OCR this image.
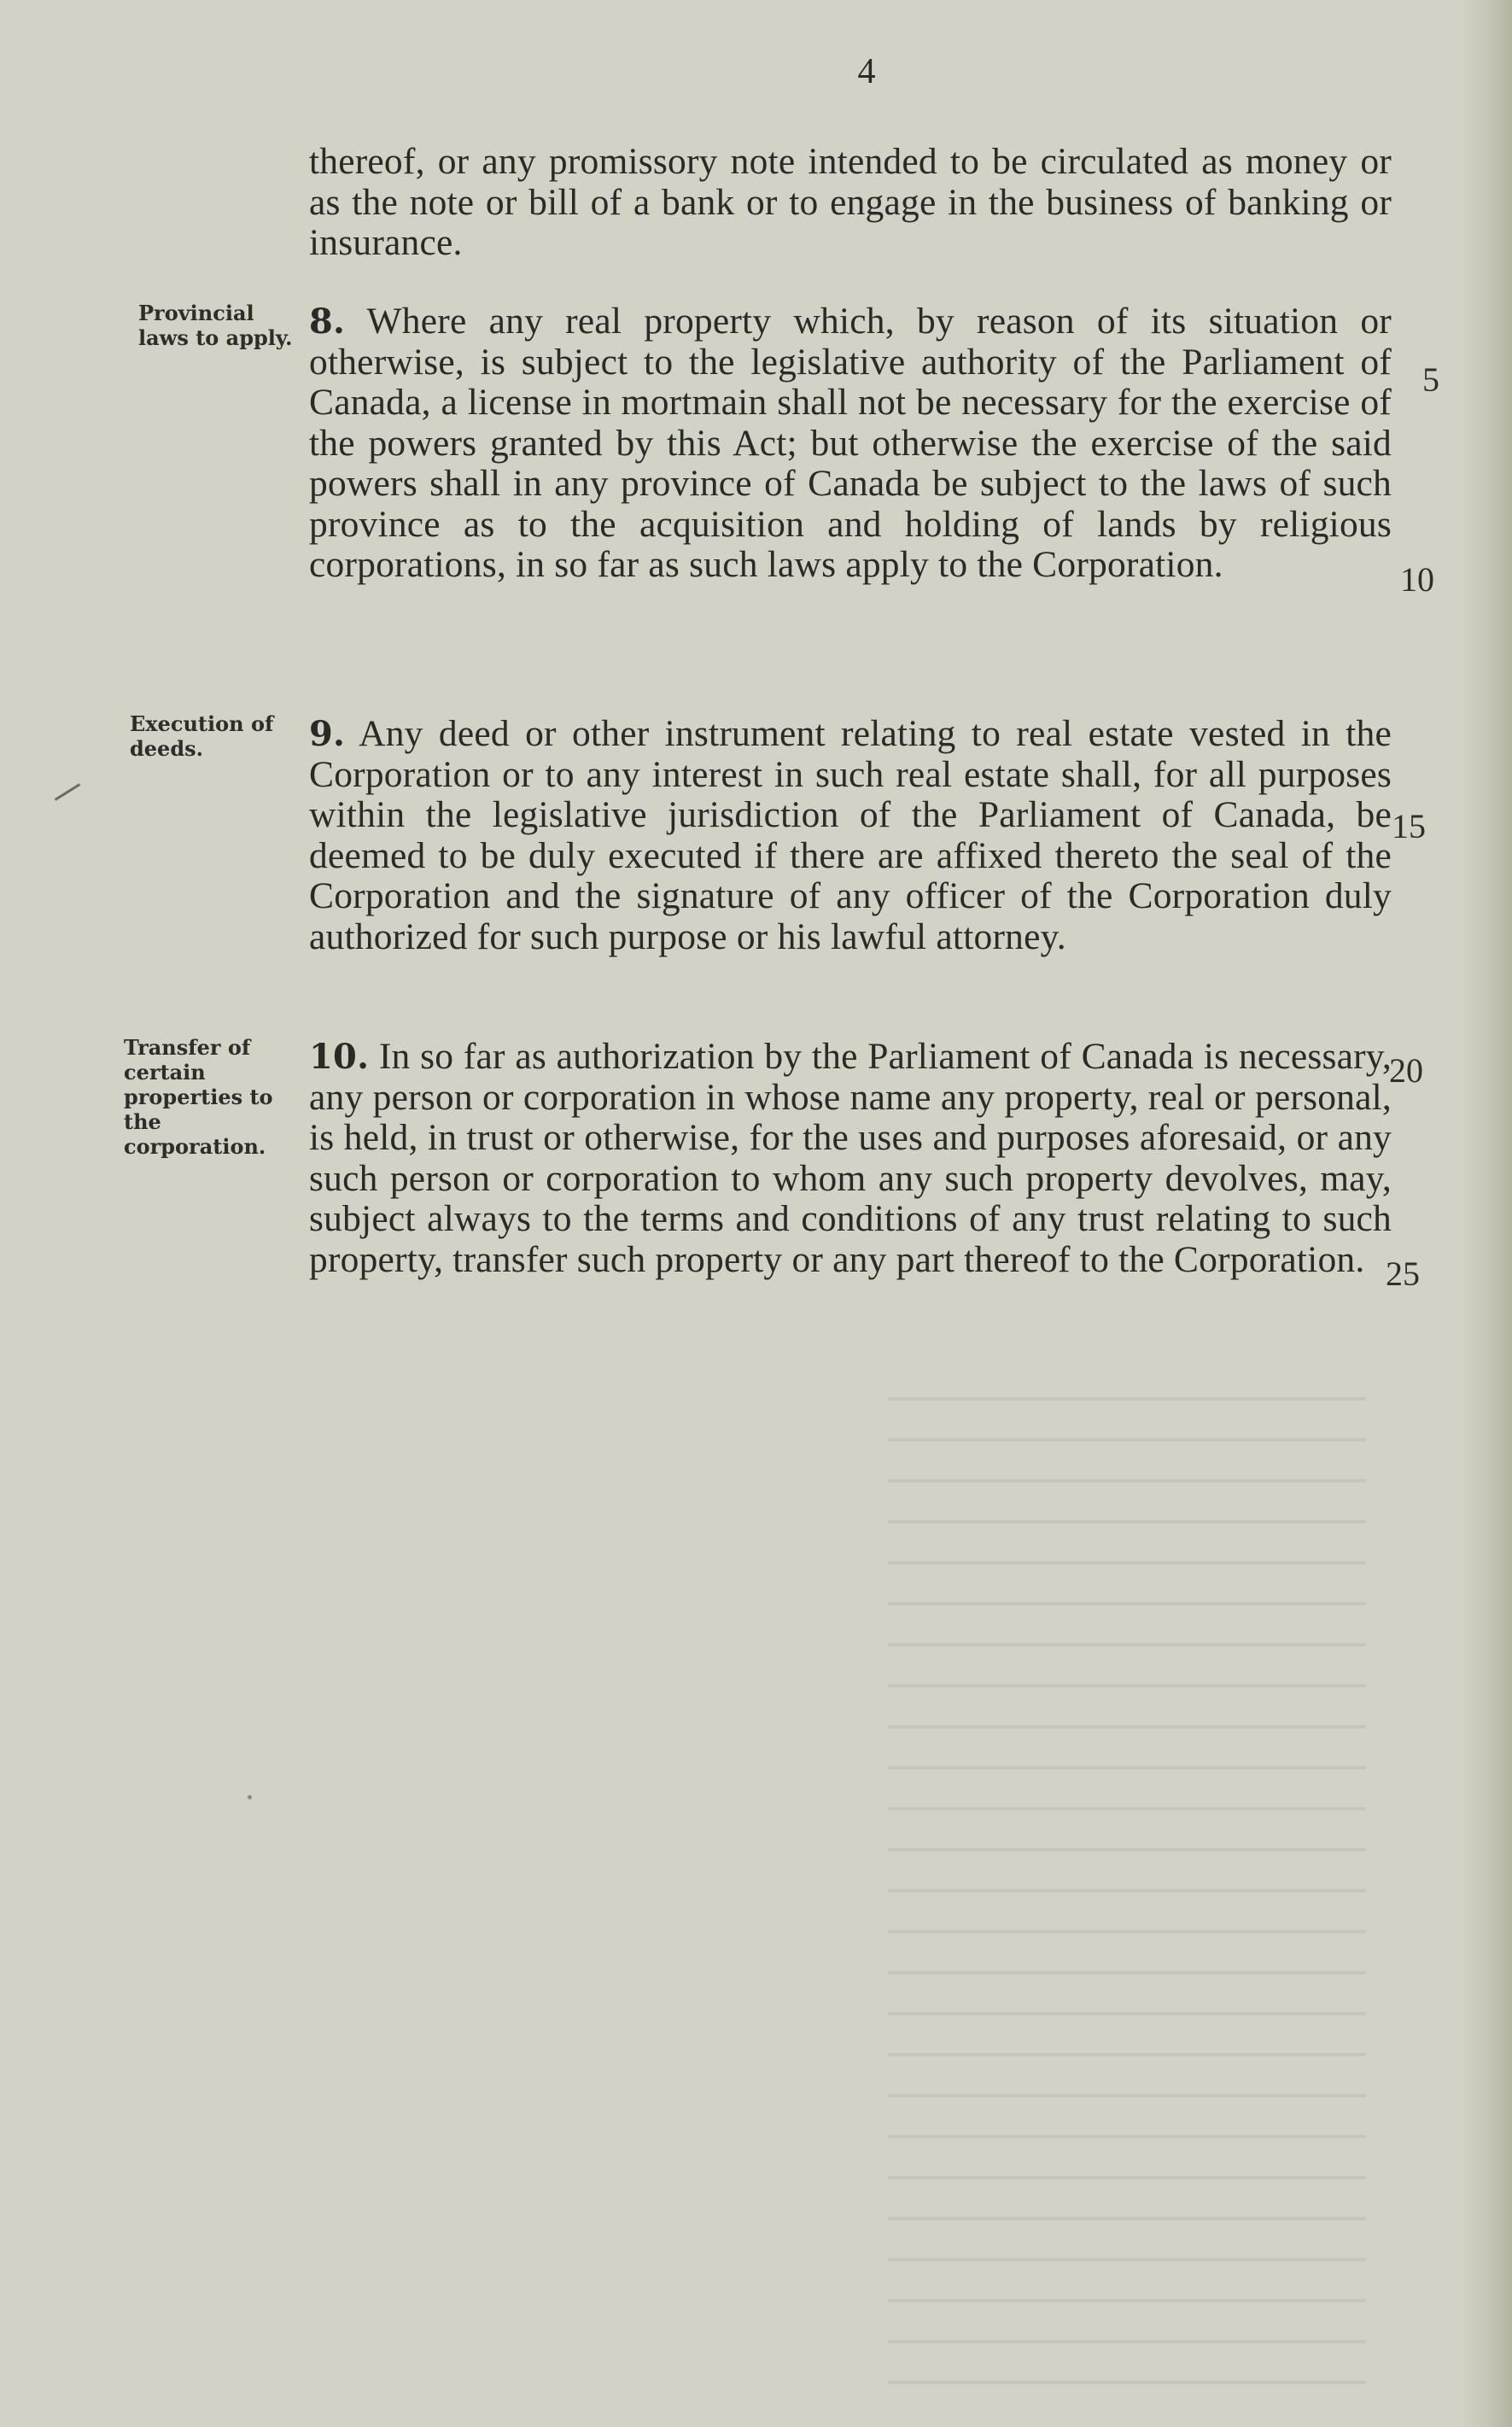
4
thereof, or any promissory note intended to be circulated as money or as the note or bill of a bank or to engage in the business of banking or insurance.
Provincial laws to apply. 8. Where any real property which, by reason of its situation or otherwise, is subject to the legislative authority of the Parliament of Canada, a license in mortmain shall not be necessary for the exercise of the powers granted by this Act; but otherwise the exercise of the said powers shall in any province of Canada be subject to the laws of such province as to the acquisition and holding of lands by religious corporations, in so far as such laws apply to the Corporation.
Execution of deeds.	9. Any deed or other instrument relating to real estate vested in the Corporation or to any interest in such real estate shall, for all purposes within the legislative jurisdiction of the Parliament of Canada, be deemed to be duly executed if there are affixed thereto the seal of the Corporation and the signature of any officer of the Corporation duly authorized for such purpose or his lawful attorney.
Transfer of certain properties to the corporation.
10. In so far as authorization by the Parliament of Canada is necessary, any person or corporation in whose name any property, real or personal, is held, in trust or otherwise, for the uses and purposes aforesaid, or any such person or corporation to whom any such property devolves, may, subject always to the terms and conditions of any trust relating to such property, transfer such property or any part thereof to the Corporation.
5
10
15
20
25
